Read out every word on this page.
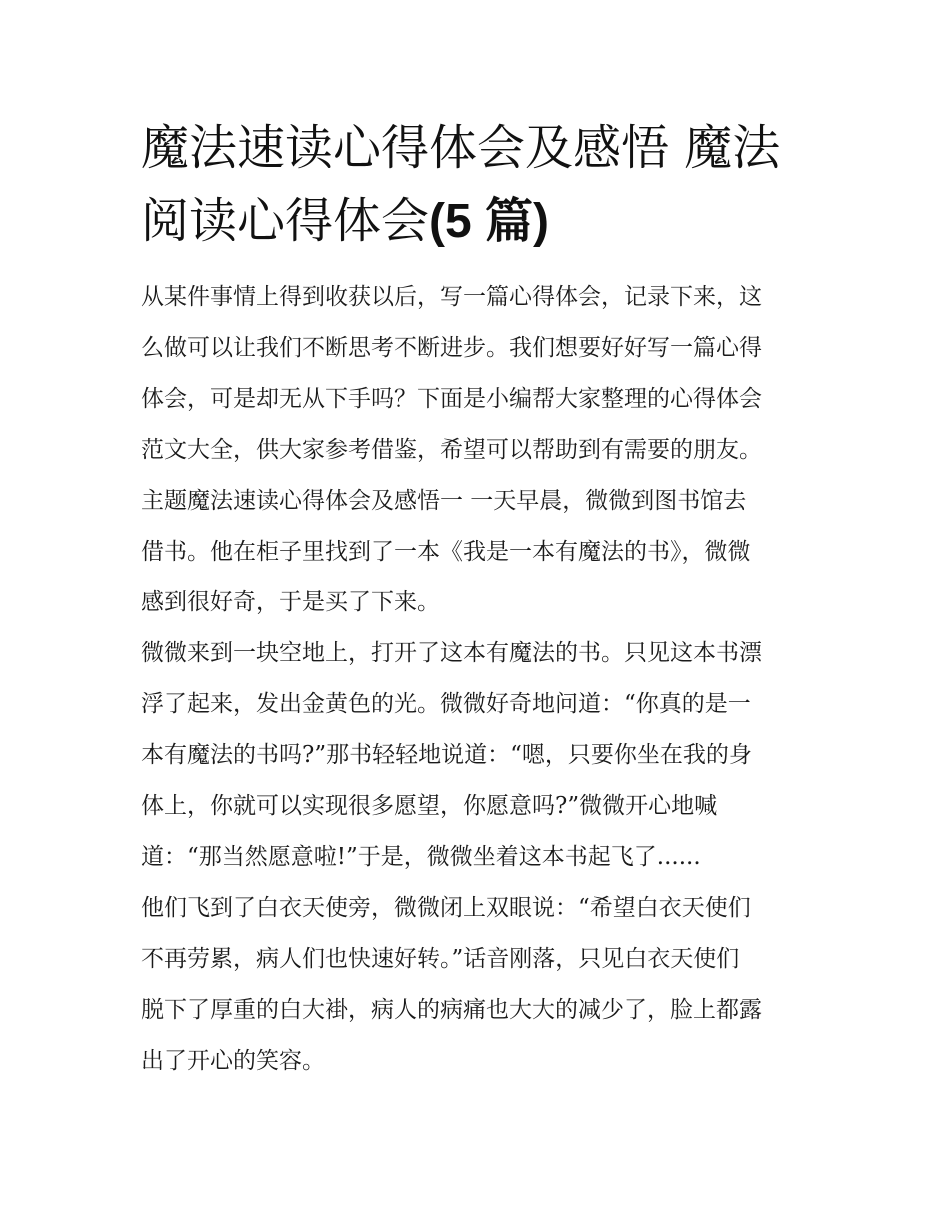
魔法速读心得体会及感悟 魔法
阅读心得体会(5 篇)
从某件事情上得到收获以后，写一篇心得体会，记录下来，这
么做可以让我们不断思考不断进步。我们想要好好写一篇心得
体会，可是却无从下手吗？下面是小编帮大家整理的心得体会
范文大全，供大家参考借鉴，希望可以帮助到有需要的朋友。
主题魔法速读心得体会及感悟一 一天早晨，微微到图书馆去
借书。他在柜子里找到了一本《我是一本有魔法的书》，微微
感到很好奇，于是买了下来。
微微来到一块空地上，打开了这本有魔法的书。只见这本书漂
浮了起来，发出金黄色的光。微微好奇地问道：“你真的是一
本有魔法的书吗?”那书轻轻地说道：“嗯，只要你坐在我的身
体上，你就可以实现很多愿望，你愿意吗?”微微开心地喊
道：“那当然愿意啦!”于是，微微坐着这本书起飞了......
他们飞到了白衣天使旁，微微闭上双眼说：“希望白衣天使们
不再劳累，病人们也快速好转。”话音刚落，只见白衣天使们
脱下了厚重的白大褂，病人的病痛也大大的减少了，脸上都露
出了开心的笑容。
